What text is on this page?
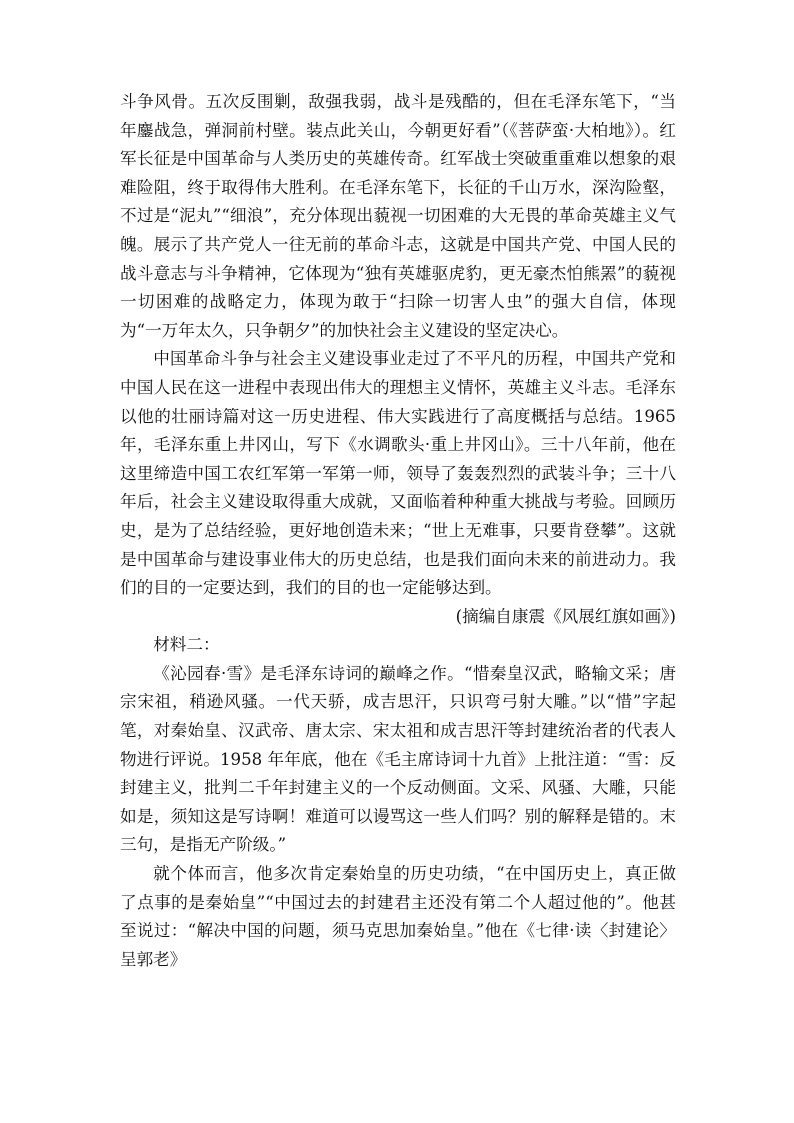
斗争风骨。五次反围剿，敌强我弱，战斗是残酷的，但在毛泽东笔下，“当年鏖战急，弹洞前村壁。装点此关山，今朝更好看”（《菩萨蛮·大柏地》）。红军长征是中国革命与人类历史的英雄传奇。红军战士突破重重难以想象的艰难险阻，终于取得伟大胜利。在毛泽东笔下，长征的千山万水，深沟险壑，不过是“泥丸”“细浪”，充分体现出藐视一切困难的大无畏的革命英雄主义气魄。展示了共产党人一往无前的革命斗志，这就是中国共产党、中国人民的战斗意志与斗争精神，它体现为“独有英雄驱虎豹，更无豪杰怕熊罴”的藐视一切困难的战略定力，体现为敢于“扫除一切害人虫”的强大自信，体现为“一万年太久，只争朝夕”的加快社会主义建设的坚定决心。

中国革命斗争与社会主义建设事业走过了不平凡的历程，中国共产党和中国人民在这一进程中表现出伟大的理想主义情怀，英雄主义斗志。毛泽东以他的壮丽诗篇对这一历史进程、伟大实践进行了高度概括与总结。1965年，毛泽东重上井冈山，写下《水调歌头·重上井冈山》。三十八年前，他在这里缔造中国工农红军第一军第一师，领导了轰轰烈烈的武装斗争；三十八年后，社会主义建设取得重大成就，又面临着种种重大挑战与考验。回顾历史，是为了总结经验，更好地创造未来；“世上无难事，只要肯登攀”。这就是中国革命与建设事业伟大的历史总结，也是我们面向未来的前进动力。我们的目的一定要达到，我们的目的也一定能够达到。

(摘编自康震《风展红旗如画》)

材料二：

《沁园春·雪》是毛泽东诗词的巅峰之作。“惜秦皇汉武，略输文采；唐宗宋祖，稍逊风骚。一代天骄，成吉思汗，只识弯弓射大雕。”以“惜”字起笔，对秦始皇、汉武帝、唐太宗、宋太祖和成吉思汗等封建统治者的代表人物进行评说。1958 年年底，他在《毛主席诗词十九首》上批注道：“雪：反封建主义，批判二千年封建主义的一个反动侧面。文采、风骚、大雕，只能如是，须知这是写诗啊！难道可以谩骂这一些人们吗？别的解释是错的。末三句，是指无产阶级。”

就个体而言，他多次肯定秦始皇的历史功绩，“在中国历史上，真正做了点事的是秦始皇”“中国过去的封建君主还没有第二个人超过他的”。他甚至说过：“解决中国的问题，须马克思加秦始皇。”他在《七律·读〈封建论〉呈郭老》
